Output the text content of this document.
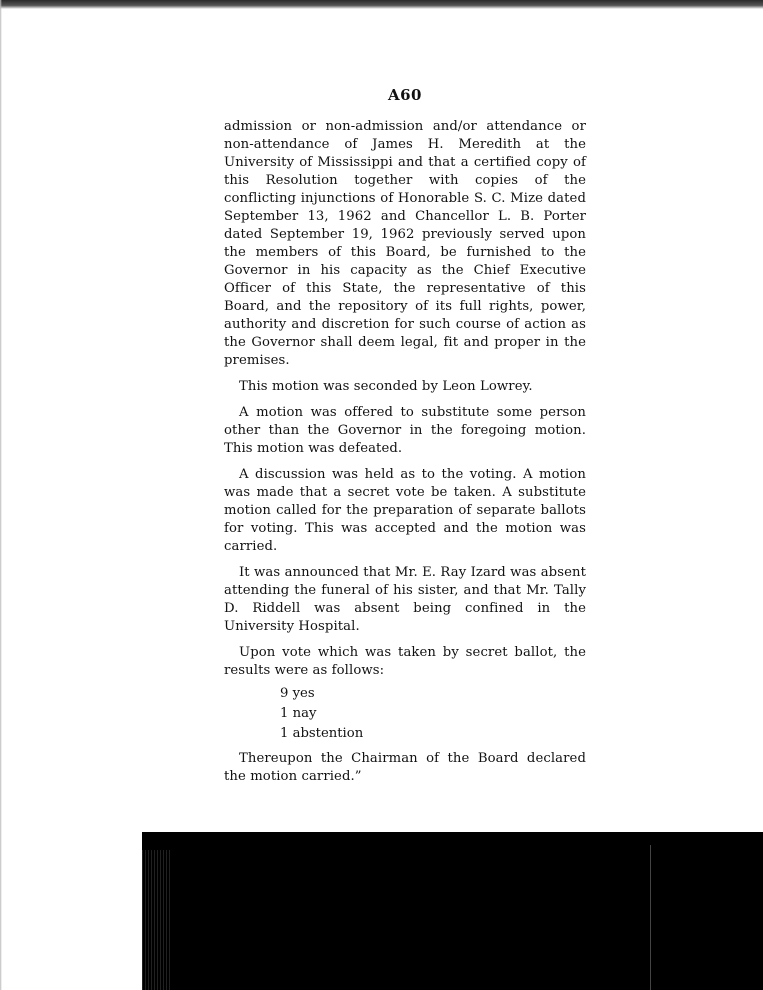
A60

admission or non-admission and/or attendance or non-attendance of James H. Meredith at the University of Mississippi and that a certified copy of this Resolution together with copies of the conflicting injunctions of Honorable S. C. Mize dated September 13, 1962 and Chancellor L. B. Porter dated September 19, 1962 previously served upon the members of this Board, be furnished to the Governor in his capacity as the Chief Executive Officer of this State, the representative of this Board, and the repository of its full rights, power, authority and discretion for such course of action as the Governor shall deem legal, fit and proper in the premises.

This motion was seconded by Leon Lowrey.

A motion was offered to substitute some person other than the Governor in the foregoing motion. This motion was defeated.

A discussion was held as to the voting. A motion was made that a secret vote be taken. A substitute motion called for the preparation of separate ballots for voting. This was accepted and the motion was carried.

It was announced that Mr. E. Ray Izard was absent attending the funeral of his sister, and that Mr. Tally D. Riddell was absent being confined in the University Hospital.

Upon vote which was taken by secret ballot, the results were as follows:

9 yes
1 nay
1 abstention

Thereupon the Chairman of the Board declared the motion carried.”
